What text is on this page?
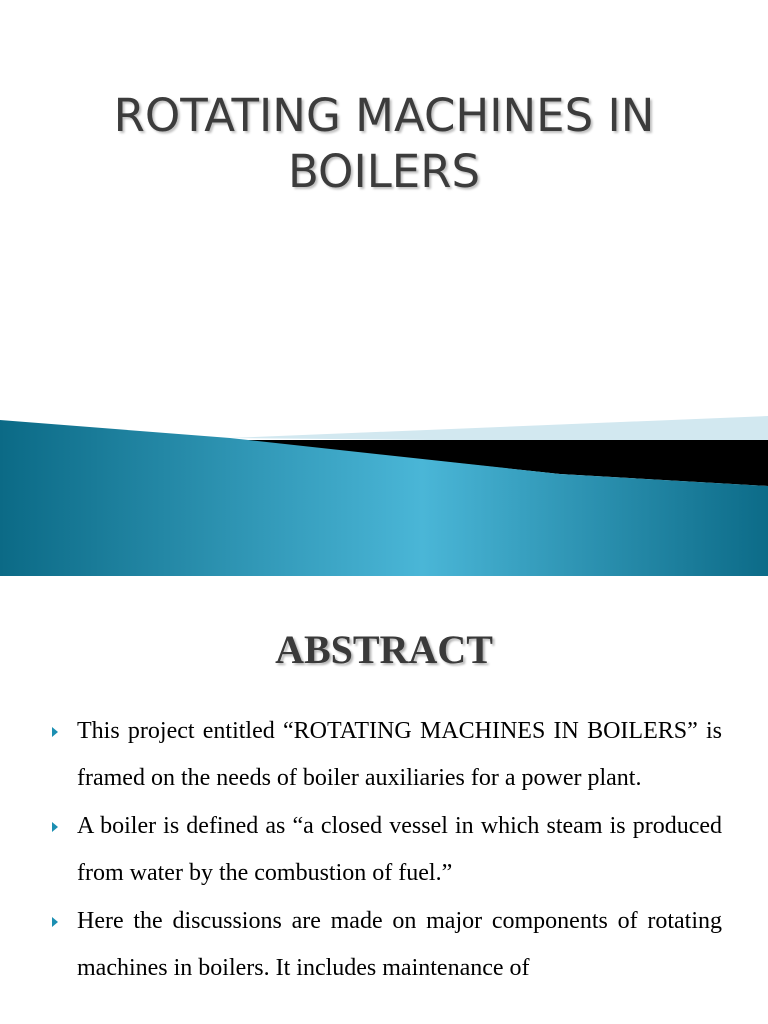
ROTATING MACHINES IN
BOILERS
ABSTRACT
This project entitled “ROTATING MACHINES IN BOILERS” is framed on the needs of boiler auxiliaries for a power plant.
A boiler is defined as “a closed vessel in which steam is produced from water by the combustion of fuel.”
Here the discussions are made on major components of rotating machines in boilers. It includes maintenance of
